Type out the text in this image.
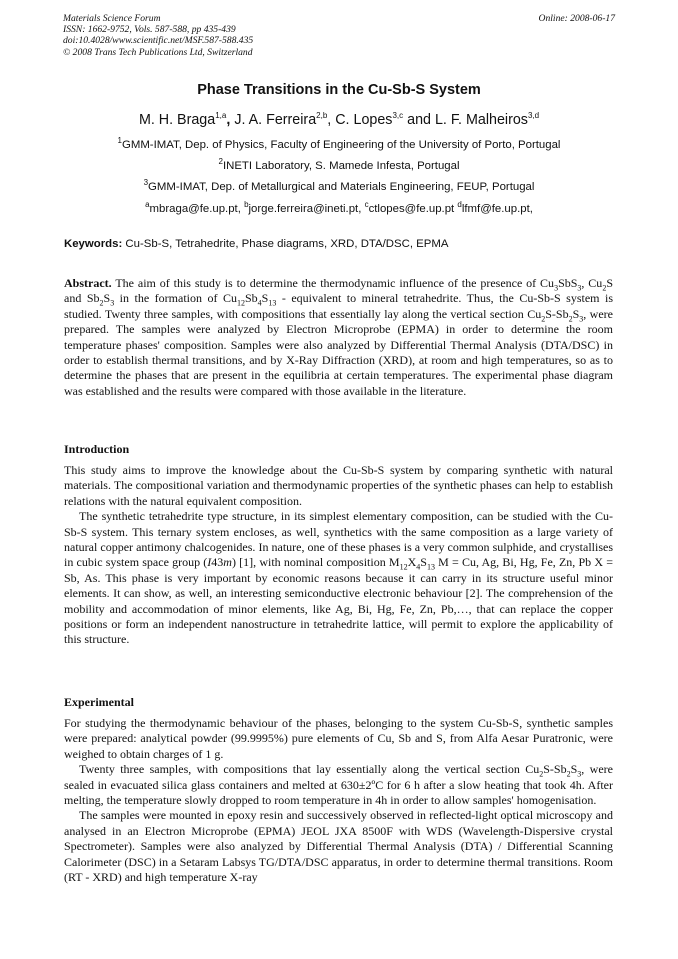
Materials Science Forum
ISSN: 1662-9752, Vols. 587-588, pp 435-439
doi:10.4028/www.scientific.net/MSF.587-588.435
© 2008 Trans Tech Publications Ltd, Switzerland
Online: 2008-06-17
Phase Transitions in the Cu-Sb-S System
M. H. Braga$^{1,a}$, J. A. Ferreira$^{2,b}$, C. Lopes$^{3,c}$ and L. F. Malheiros$^{3,d}$
$^1$GMM-IMAT, Dep. of Physics, Faculty of Engineering of the University of Porto, Portugal
$^2$INETI Laboratory, S. Mamede Infesta, Portugal
$^3$GMM-IMAT, Dep. of Metallurgical and Materials Engineering, FEUP, Portugal
$^a$mbraga@fe.up.pt, $^b$jorge.ferreira@ineti.pt, $^c$ctlopes@fe.up.pt $^d$lfmf@fe.up.pt,
Keywords: Cu-Sb-S, Tetrahedrite, Phase diagrams, XRD, DTA/DSC, EPMA

Abstract. The aim of this study is to determine the thermodynamic influence of the presence of $Cu_3SbS_3$, $Cu_2S$ and $Sb_2S_3$ in the formation of $Cu_{12}Sb_4S_{13}$ - equivalent to mineral tetrahedrite. Thus, the Cu-Sb-S system is studied. Twenty three samples, with compositions that essentially lay along the vertical section $Cu_2S-Sb_2S_3$, were prepared. The samples were analyzed by Electron Microprobe (EPMA) in order to determine the room temperature phases' composition. Samples were also analyzed by Differential Thermal Analysis (DTA/DSC) in order to establish thermal transitions, and by X-Ray Diffraction (XRD), at room and high temperatures, so as to determine the phases that are present in the equilibria at certain temperatures. The experimental phase diagram was established and the results were compared with those available in the literature.

Introduction

This study aims to improve the knowledge about the Cu-Sb-S system by comparing synthetic with natural materials. The compositional variation and thermodynamic properties of the synthetic phases can help to establish relations with the natural equivalent composition.

The synthetic tetrahedrite type structure, in its simplest elementary composition, can be studied with the Cu-Sb-S system. This ternary system encloses, as well, synthetics with the same composition as a large variety of natural copper antimony chalcogenides. In nature, one of these phases is a very common sulphide, and crystallises in cubic system space group (I43m) [1], with nominal composition $M_{12}X_4S_{13}$ M = Cu, Ag, Bi, Hg, Fe, Zn, Pb X = Sb, As. This phase is very important by economic reasons because it can carry in its structure useful minor elements. It can show, as well, an interesting semiconductive electronic behaviour [2]. The comprehension of the mobility and accommodation of minor elements, like Ag, Bi, Hg, Fe, Zn, Pb,…, that can replace the copper positions or form an independent nanostructure in tetrahedrite lattice, will permit to explore the applicability of this structure.

Experimental

For studying the thermodynamic behaviour of the phases, belonging to the system Cu-Sb-S, synthetic samples were prepared: analytical powder (99.9995%) pure elements of Cu, Sb and S, from Alfa Aesar Puratronic, were weighed to obtain charges of 1 g.

Twenty three samples, with compositions that lay essentially along the vertical section $Cu_2S-Sb_2S_3$, were sealed in evacuated silica glass containers and melted at 630±2ºC for 6 h after a slow heating that took 4h. After melting, the temperature slowly dropped to room temperature in 4h in order to allow samples' homogenisation.

The samples were mounted in epoxy resin and successively observed in reflected-light optical microscopy and analysed in an Electron Microprobe (EPMA) JEOL JXA 8500F with WDS (Wavelength-Dispersive crystal Spectrometer). Samples were also analyzed by Differential Thermal Analysis (DTA) / Differential Scanning Calorimeter (DSC) in a Setaram Labsys TG/DTA/DSC apparatus, in order to determine thermal transitions. Room (RT - XRD) and high temperature X-ray
